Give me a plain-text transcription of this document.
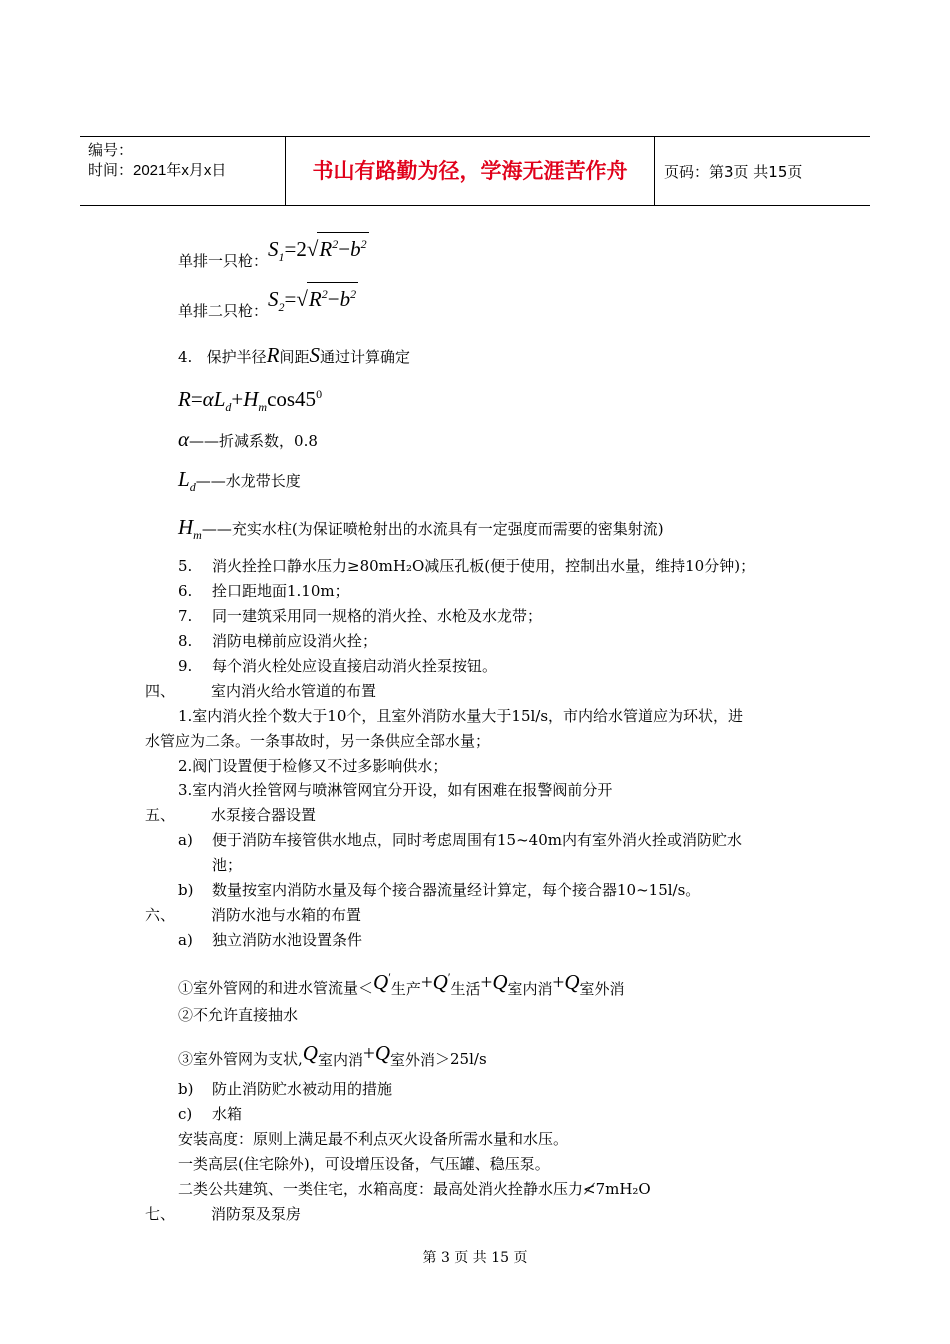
编号：
时间：2021年x月x日	书山有路勤为径，学海无涯苦作舟	页码：第3页 共15页
单排一只枪：$S_1=2√R^2-b^2$
单排二只枪：$S_2=√R^2-b^2$
4.   保护半径R间距S通过计算确定
$R=\alpha L_d+H_m\cos 45^0$
α——折减系数，0.8
$L_d——$水龙带长度
$H_m——$充实水柱(为保证喷枪射出的水流具有一定强度而需要的密集射流)
5. 消火拴拴口静水压力≥80mH₂O减压孔板(便于使用，控制出水量，维持10分钟)；
6. 拴口距地面1.10m；
7. 同一建筑采用同一规格的消火拴、水枪及水龙带；
8. 消防电梯前应设消火拴；
9. 每个消火栓处应设直接启动消火拴泵按钮。
四、 室内消火给水管道的布置
1.室内消火拴个数大于10个，且室外消防水量大于15l/s，市内给水管道应为环状，进
水管应为二条。一条事故时，另一条供应全部水量；
2.阀门设置便于检修又不过多影响供水；
3.室内消火拴管网与喷淋管网宜分开设，如有困难在报警阀前分开
五、 水泵接合器设置
a) 便于消防车接管供水地点，同时考虑周围有15~40m内有室外消火拴或消防贮水
池；
b) 数量按室内消防水量及每个接合器流量经计算定，每个接合器10~15l/s。
六、 消防水池与水箱的布置
a) 独立消防水池设置条件
①室外管网的和进水管流量$<Q'_{生产}+Q'_{生活}+Q_{室内消}+Q_{室外消}$
②不允许直接抽水
③室外管网为支状$,Q_{室内消}+Q_{室外消}>25l/s$
b) 防止消防贮水被动用的措施
c) 水箱
安装高度：原则上满足最不利点灭火设备所需水量和水压。
一类高层(住宅除外)，可设增压设备，气压罐、稳压泵。
二类公共建筑、一类住宅，水箱高度：最高处消火拴静水压力≮7mH₂O
七、 消防泵及泵房
第 3 页 共 15 页
